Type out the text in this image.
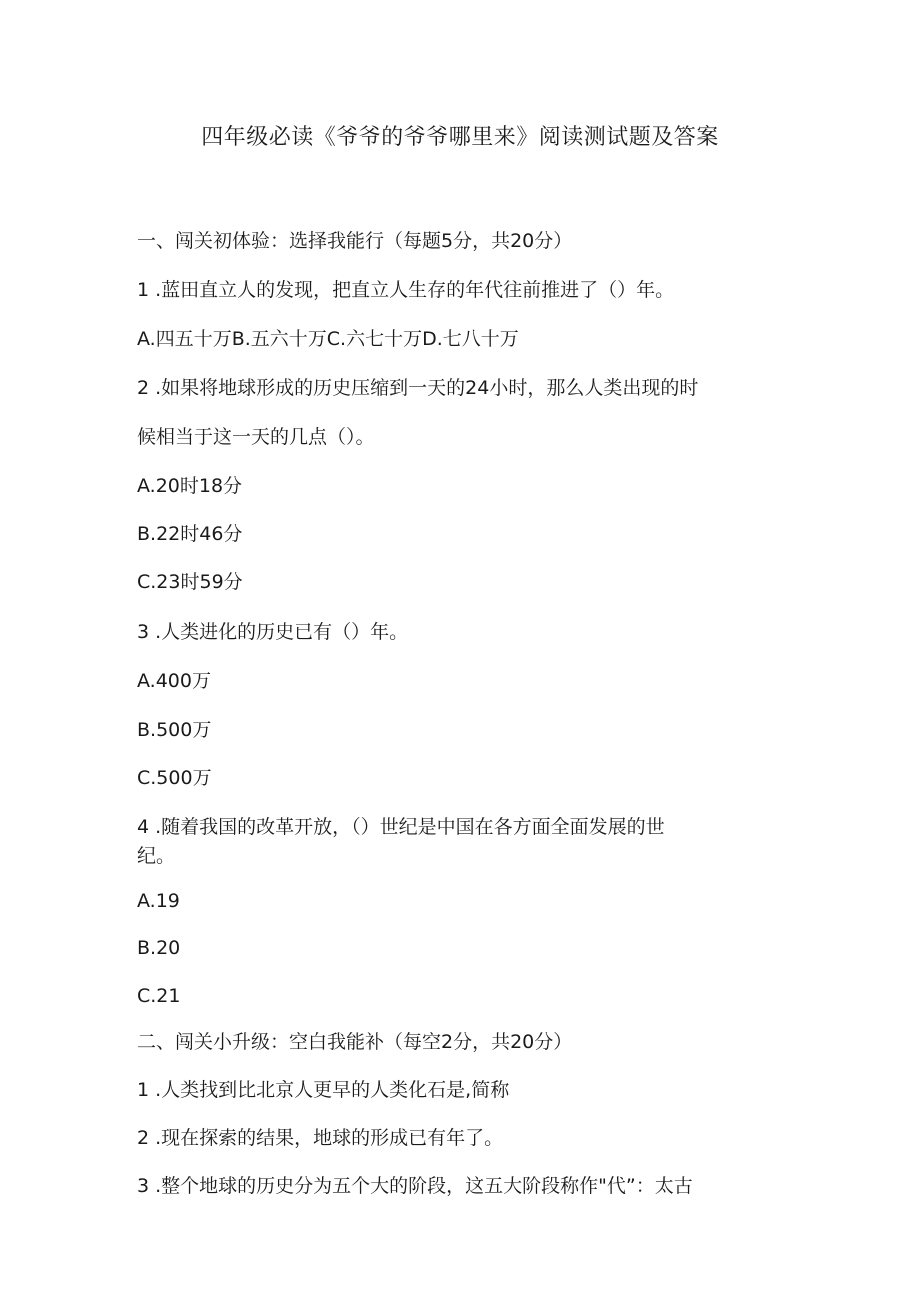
四年级必读《爷爷的爷爷哪里来》阅读测试题及答案
一、闯关初体验：选择我能行（每题5分，共20分）
1 .蓝田直立人的发现，把直立人生存的年代往前推进了（）年。
A.四五十万B.五六十万C.六七十万D.七八十万
2 .如果将地球形成的历史压缩到一天的24小时，那么人类出现的时
候相当于这一天的几点（）。
A.20时18分
B.22时46分
C.23时59分
3 .人类进化的历史已有（）年。
A.400万
B.500万
C.500万
4 .随着我国的改革开放，（）世纪是中国在各方面全面发展的世
纪。
A.19
B.20
C.21
二、闯关小升级：空白我能补（每空2分，共20分）
1 .人类找到比北京人更早的人类化石是,简称
2 .现在探索的结果，地球的形成已有年了。
3 .整个地球的历史分为五个大的阶段，这五大阶段称作"代”：太古
